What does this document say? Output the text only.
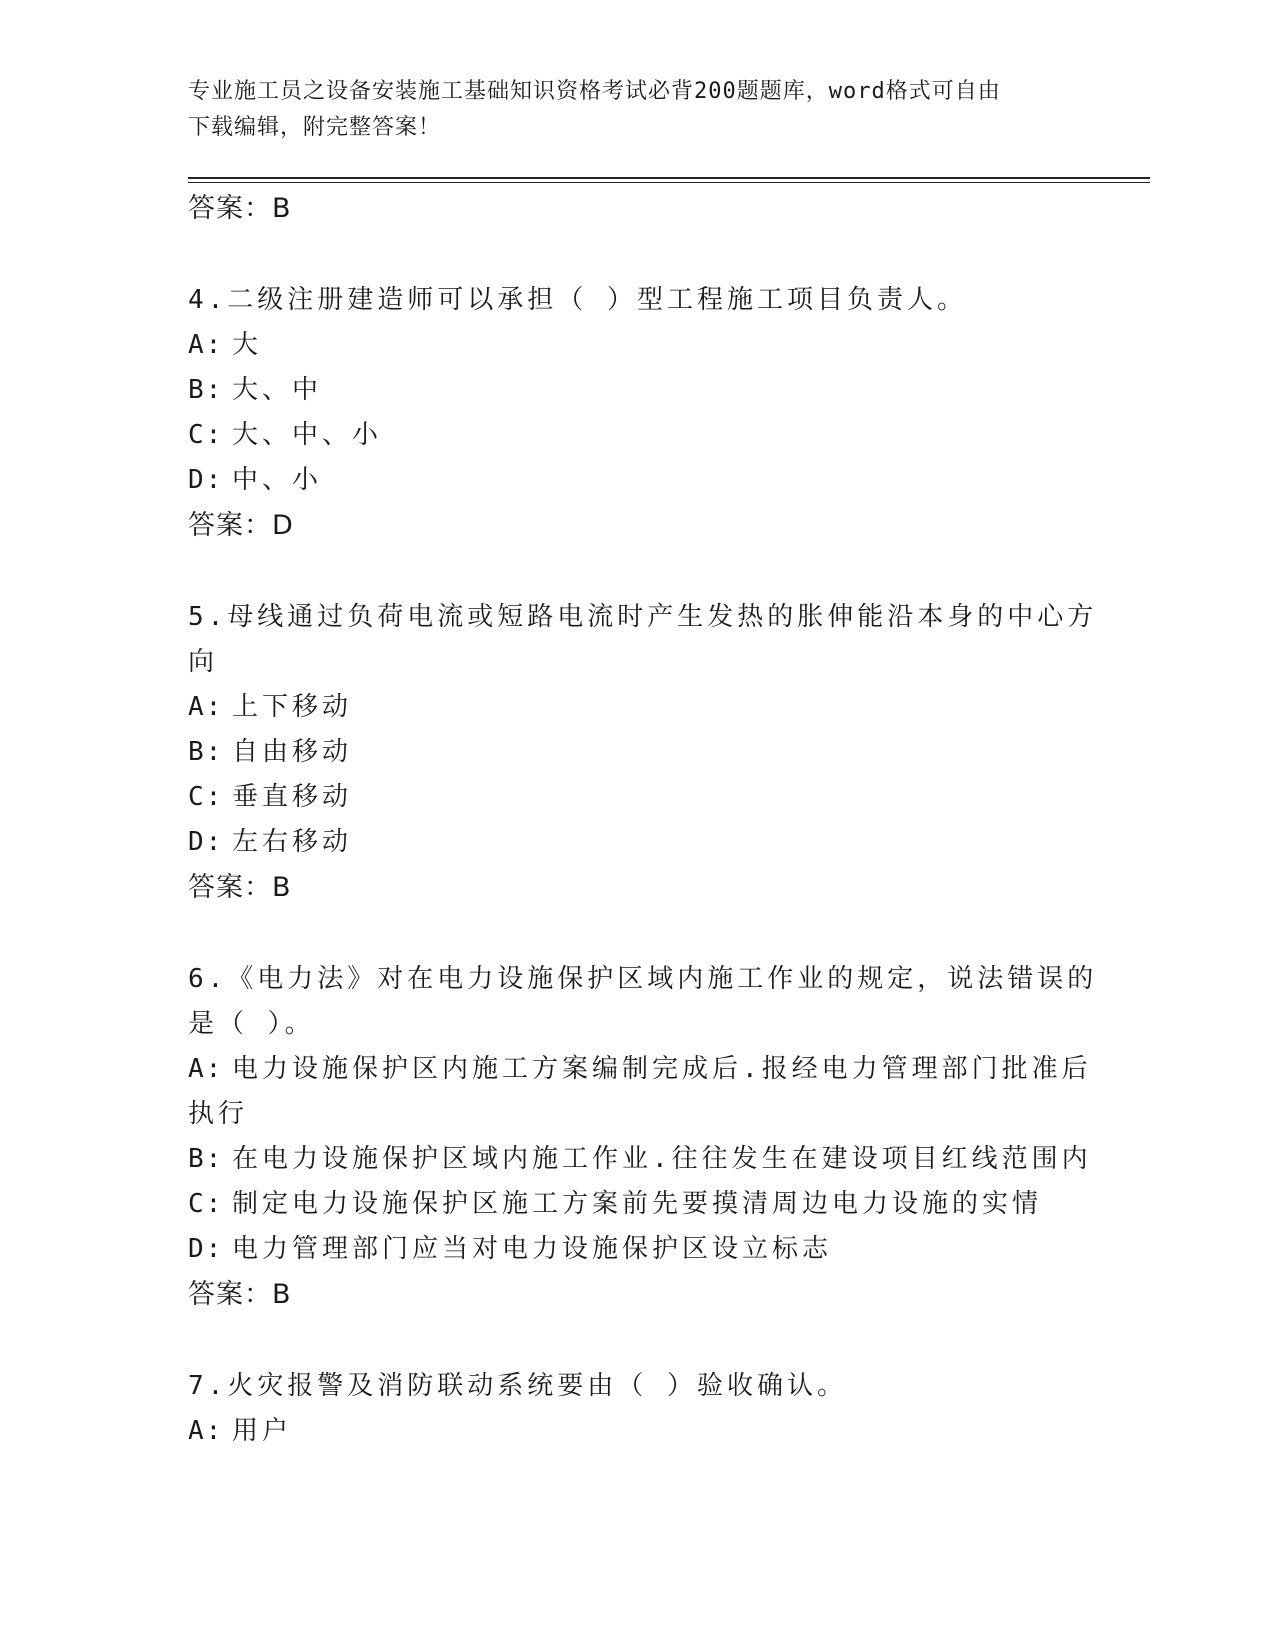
专业施工员之设备安装施工基础知识资格考试必背200题题库，word格式可自由
下载编辑，附完整答案！
答案：B
4.二级注册建造师可以承担（ ）型工程施工项目负责人。
A: 大
B: 大、中
C: 大、中、小
D: 中、小
答案：D
5.母线通过负荷电流或短路电流时产生发热的胀伸能沿本身的中心方
向
A: 上下移动
B: 自由移动
C: 垂直移动
D: 左右移动
答案：B
6.《电力法》对在电力设施保护区域内施工作业的规定，说法错误的
是（ ）。
A: 电力设施保护区内施工方案编制完成后.报经电力管理部门批准后
执行
B: 在电力设施保护区域内施工作业.往往发生在建设项目红线范围内
C: 制定电力设施保护区施工方案前先要摸清周边电力设施的实情
D: 电力管理部门应当对电力设施保护区设立标志
答案：B
7.火灾报警及消防联动系统要由（ ）验收确认。
A: 用户
